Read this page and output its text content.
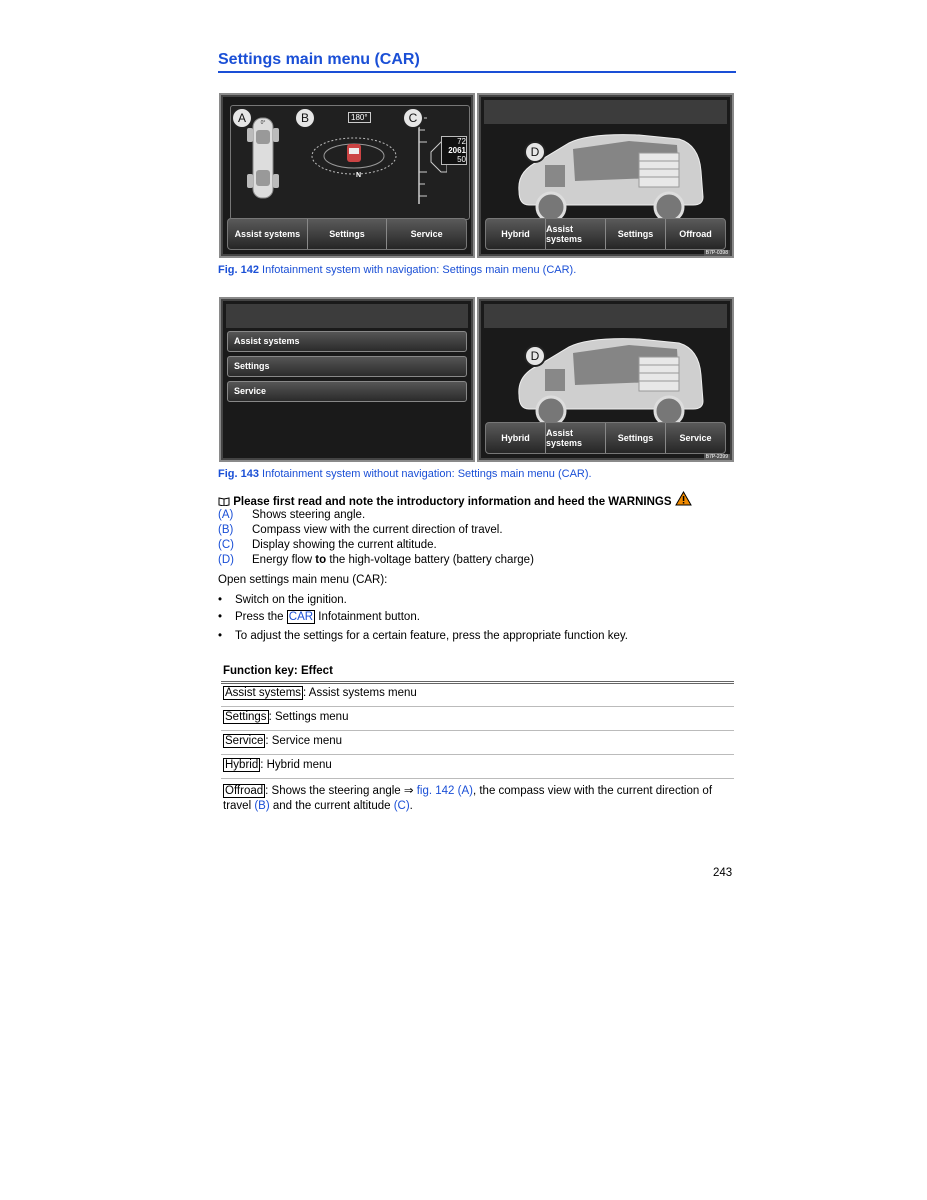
Settings main menu (CAR)
0°
180°
N
72
2061
50
A	B	C
Assist systems	Settings	Service
D
Hybrid	Assist systems	Settings	Offroad
B7P-0398
Fig. 142 Infotainment system with navigation: Settings main menu (CAR).
Assist systems
Settings
Service
D
Hybrid	Assist systems	Settings	Service
B7P-2399
Fig. 143 Infotainment system without navigation: Settings main menu (CAR).
Please first read and note the introductory information and heed the WARNINGS
(A) Shows steering angle.
(B) Compass view with the current direction of travel.
(C) Display showing the current altitude.
(D) Energy flow to the high-voltage battery (battery charge)
Open settings main menu (CAR):
• Switch on the ignition.
• Press the CAR Infotainment button.
• To adjust the settings for a certain feature, press the appropriate function key.
Function key: Effect
Assist systems : Assist systems menu
Settings : Settings menu
Service : Service menu
Hybrid : Hybrid menu
Offroad : Shows the steering angle ⇒ fig. 142 (A), the compass view with the current direction of
travel (B) and the current altitude (C).
243
